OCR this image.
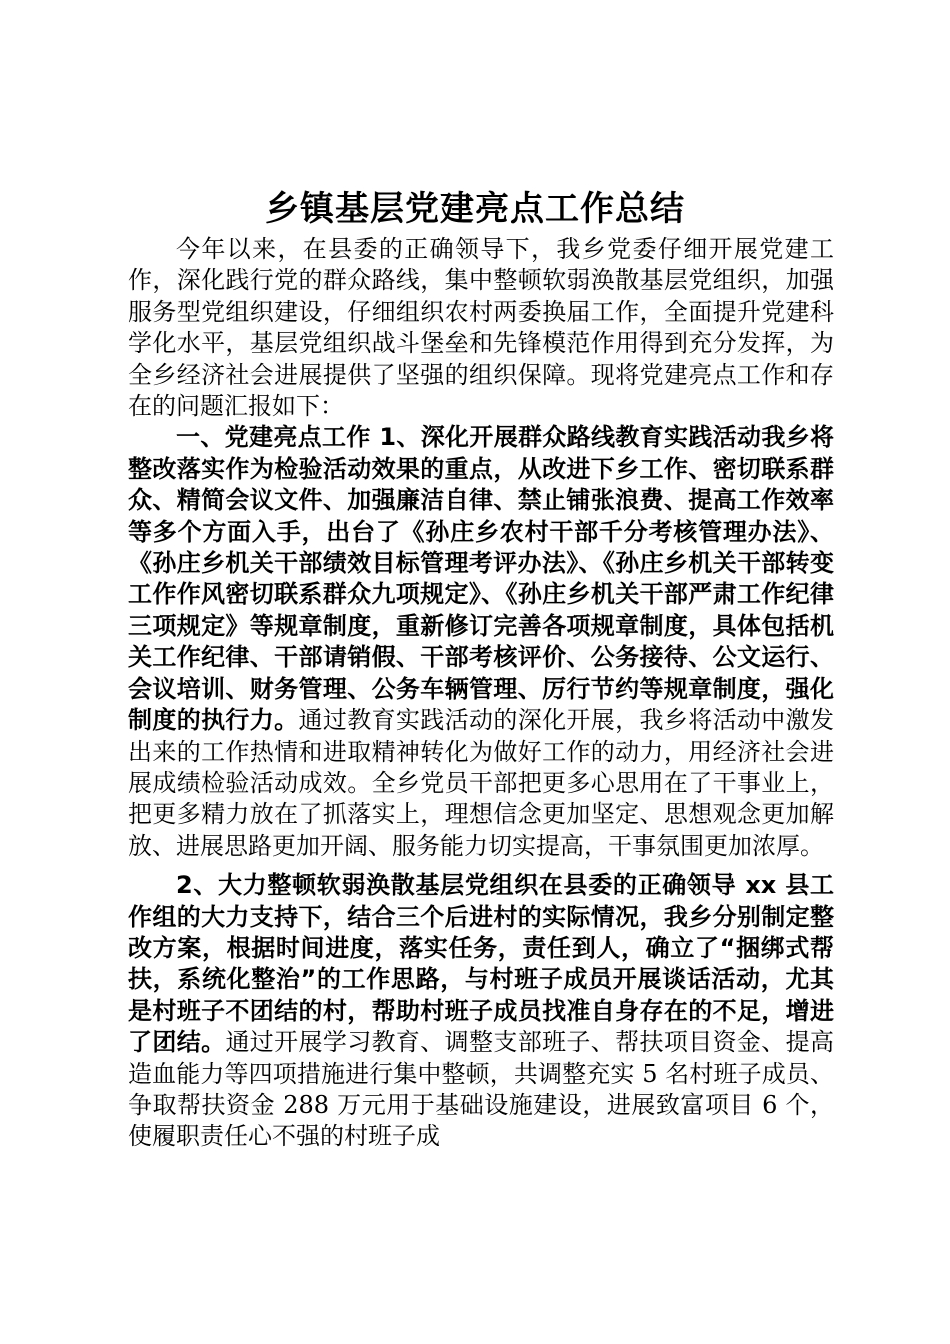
乡镇基层党建亮点工作总结

今年以来，在县委的正确领导下，我乡党委仔细开展党建工作，深化践行党的群众路线，集中整顿软弱涣散基层党组织，加强服务型党组织建设，仔细组织农村两委换届工作，全面提升党建科学化水平，基层党组织战斗堡垒和先锋模范作用得到充分发挥，为全乡经济社会进展提供了坚强的组织保障。现将党建亮点工作和存在的问题汇报如下：

一、党建亮点工作 1、深化开展群众路线教育实践活动我乡将整改落实作为检验活动效果的重点，从改进下乡工作、密切联系群众、精简会议文件、加强廉洁自律、禁止铺张浪费、提高工作效率等多个方面入手，出台了《孙庄乡农村干部千分考核管理办法》、《孙庄乡机关干部绩效目标管理考评办法》、《孙庄乡机关干部转变工作作风密切联系群众九项规定》、《孙庄乡机关干部严肃工作纪律三项规定》等规章制度，重新修订完善各项规章制度，具体包括机关工作纪律、干部请销假、干部考核评价、公务接待、公文运行、会议培训、财务管理、公务车辆管理、厉行节约等规章制度，强化制度的执行力。通过教育实践活动的深化开展，我乡将活动中激发出来的工作热情和进取精神转化为做好工作的动力，用经济社会进展成绩检验活动成效。全乡党员干部把更多心思用在了干事业上，把更多精力放在了抓落实上，理想信念更加坚定、思想观念更加解放、进展思路更加开阔、服务能力切实提高，干事氛围更加浓厚。

2、大力整顿软弱涣散基层党组织在县委的正确领导 xx 县工作组的大力支持下，结合三个后进村的实际情况，我乡分别制定整改方案，根据时间进度，落实任务，责任到人，确立了“捆绑式帮扶，系统化整治”的工作思路，与村班子成员开展谈话活动，尤其是村班子不团结的村，帮助村班子成员找准自身存在的不足，增进了团结。通过开展学习教育、调整支部班子、帮扶项目资金、提高造血能力等四项措施进行集中整顿，共调整充实 5 名村班子成员、争取帮扶资金 288 万元用于基础设施建设，进展致富项目 6 个，使履职责任心不强的村班子成
